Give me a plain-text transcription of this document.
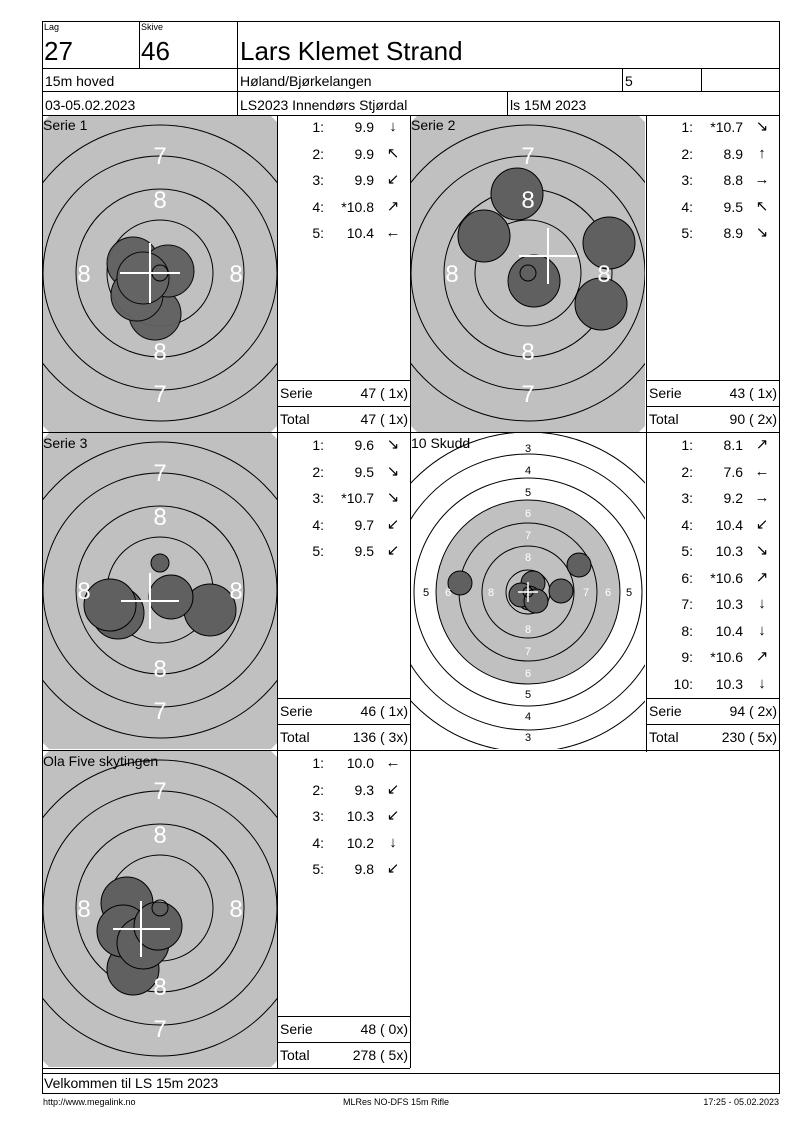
Lag
27
Skive
46	Lars Klemet Strand
15m hoved	Høland/Bjørkelangen	5
03-05.02.2023	LS2023 Innendørs Stjørdal	ls 15M 2023
7
8
8	8
8
7
7
8
8	8
8
7
7
8
8	8
8
7
3
4
5
6
7
8
8
7
6
5
4
3
5 6	8	7 6 5
7
8
8	8
8
7
Serie 1	Serie 2
Serie 3	10 Skudd
Ola Five skytingen
1:	9.9	↓
2:	9.9 ↖
3:	9.9 ↙
4:	*10.8 ↗
5:	10.4 ←
1:	*10.7 ↘
2:	8.9	↑
3:	8.8 →
4:	9.5 ↖
5:	8.9 ↘
1:	9.6 ↘
2:	9.5 ↘
3:	*10.7 ↘
4:	9.7 ↙
5:	9.5 ↙
1:	8.1 ↗
2:	7.6 ←
3:	9.2 →
4:	10.4 ↙
5:	10.3 ↘
6:	*10.6 ↗
7:	10.3	↓
8:	10.4	↓
9:	*10.6 ↗
10:	10.3	↓
1:	10.0 ←
2:	9.3 ↙
3:	10.3 ↙
4:	10.2	↓
5:	9.8 ↙
Serie	47 ( 1x)
Total	47 ( 1x)
Serie	43 ( 1x)
Total	90 ( 2x)
Serie	46 ( 1x)
Total	136 ( 3x)
Serie	94 ( 2x)
Total	230 ( 5x)
Serie	48 ( 0x)
Total	278 ( 5x)
Velkommen til LS 15m 2023
http://www.megalink.no	MLRes NO-DFS 15m Rifle	17:25 - 05.02.2023
